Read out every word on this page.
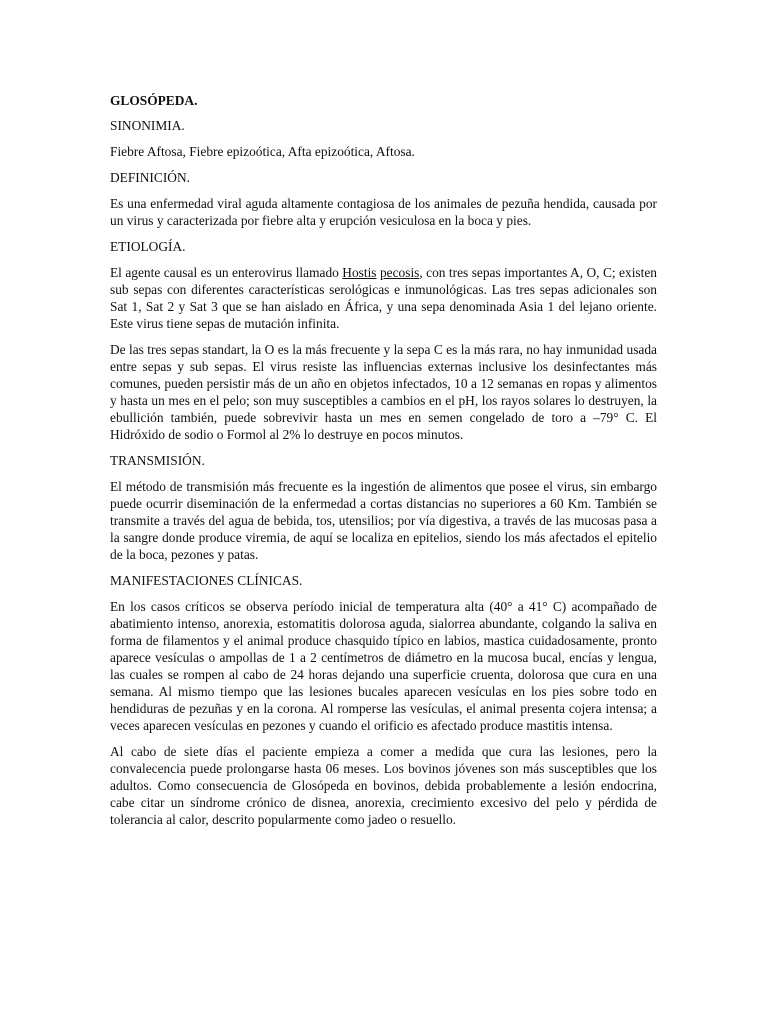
GLOSÓPEDA.
SINONIMIA.
Fiebre Aftosa, Fiebre epizoótica, Afta epizoótica, Aftosa.
DEFINICIÓN.
Es una enfermedad viral aguda altamente contagiosa de los animales de pezuña hendida, causada por un virus y caracterizada por fiebre alta y erupción vesiculosa en la boca y pies.
ETIOLOGÍA.
El agente causal es un enterovirus llamado Hostis pecosis, con tres sepas importantes A, O, C; existen sub sepas con diferentes características serológicas e inmunológicas. Las tres sepas adicionales son Sat 1, Sat 2 y Sat 3 que se han aislado en África, y una sepa denominada Asia 1 del lejano oriente. Este virus tiene sepas de mutación infinita.
De las tres sepas standart, la O es la más frecuente y la sepa C es la más rara, no hay inmunidad usada entre sepas y sub sepas. El virus resiste las influencias externas inclusive los desinfectantes más comunes, pueden persistir más de un año en objetos infectados, 10 a 12 semanas en ropas y alimentos y hasta un mes en el pelo; son muy susceptibles a cambios en el pH, los rayos solares lo destruyen, la ebullición también, puede sobrevivir hasta un mes en semen congelado de toro a –79° C. El Hidróxido de sodio o Formol al 2% lo destruye en pocos minutos.
TRANSMISIÓN.
El método de transmisión más frecuente es la ingestión de alimentos que posee el virus, sin embargo puede ocurrir diseminación de la enfermedad a cortas distancias no superiores a 60 Km. También se transmite a través del agua de bebida, tos, utensilios; por vía digestiva, a través de las mucosas pasa a la sangre donde produce viremia, de aquí se localiza en epitelios, siendo los más afectados el epitelio de la boca, pezones y patas.
MANIFESTACIONES CLÍNICAS.
En los casos críticos se observa período inicial de temperatura alta (40° a 41° C) acompañado de abatimiento intenso, anorexia, estomatitis dolorosa aguda, sialorrea abundante, colgando la saliva en forma de filamentos y el animal produce chasquido típico en labios, mastica cuidadosamente, pronto aparece vesículas o ampollas de 1 a 2 centímetros de diámetro en la mucosa bucal, encías y lengua, las cuales se rompen al cabo de 24 horas dejando una superficie cruenta, dolorosa que cura en una semana. Al mismo tiempo que las lesiones bucales aparecen vesículas en los pies sobre todo en hendiduras de pezuñas y en la corona. Al romperse las vesículas, el animal presenta cojera intensa; a veces aparecen vesículas en pezones y cuando el orificio es afectado produce mastitis intensa.
Al cabo de siete días el paciente empieza a comer a medida que cura las lesiones, pero la convalecencia puede prolongarse hasta 06 meses. Los bovinos jóvenes son más susceptibles que los adultos. Como consecuencia de Glosópeda en bovinos, debida probablemente a lesión endocrina, cabe citar un síndrome crónico de disnea, anorexia, crecimiento excesivo del pelo y pérdida de tolerancia al calor, descrito popularmente como jadeo o resuello.
